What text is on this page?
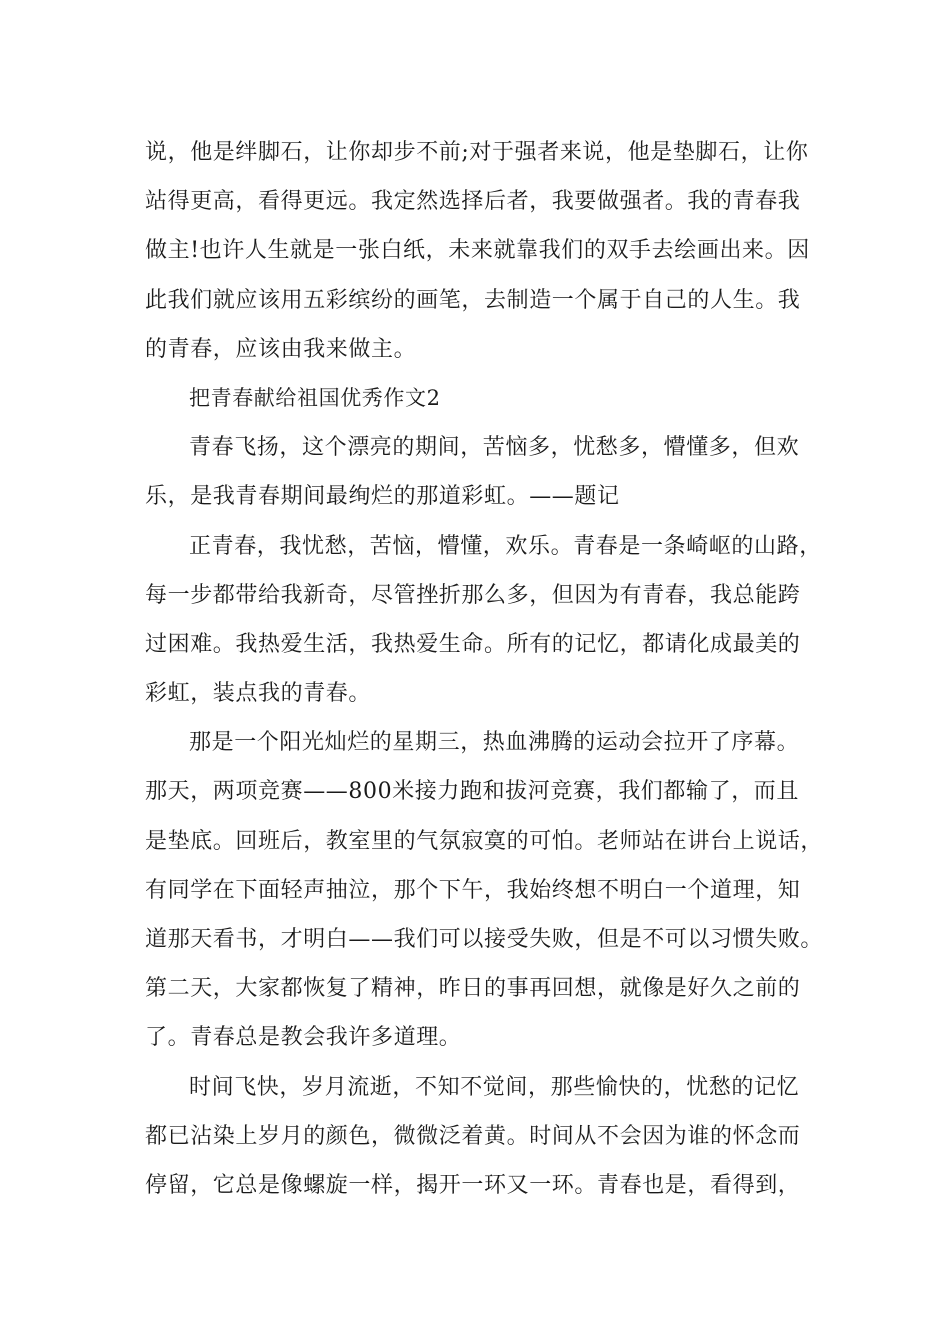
说，他是绊脚石，让你却步不前;对于强者来说，他是垫脚石，让你
站得更高，看得更远。我定然选择后者，我要做强者。我的青春我
做主!也许人生就是一张白纸，未来就靠我们的双手去绘画出来。因
此我们就应该用五彩缤纷的画笔，去制造一个属于自己的人生。我
的青春，应该由我来做主。
把青春献给祖国优秀作文2
青春飞扬，这个漂亮的期间，苦恼多，忧愁多，懵懂多，但欢
乐，是我青春期间最绚烂的那道彩虹。——题记
正青春，我忧愁，苦恼，懵懂，欢乐。青春是一条崎岖的山路，
每一步都带给我新奇，尽管挫折那么多，但因为有青春，我总能跨
过困难。我热爱生活，我热爱生命。所有的记忆，都请化成最美的
彩虹，装点我的青春。
那是一个阳光灿烂的星期三，热血沸腾的运动会拉开了序幕。
那天，两项竞赛——800米接力跑和拔河竞赛，我们都输了，而且
是垫底。回班后，教室里的气氛寂寞的可怕。老师站在讲台上说话，
有同学在下面轻声抽泣，那个下午，我始终想不明白一个道理，知
道那天看书，才明白——我们可以接受失败，但是不可以习惯失败。
第二天，大家都恢复了精神，昨日的事再回想，就像是好久之前的
了。青春总是教会我许多道理。
时间飞快，岁月流逝，不知不觉间，那些愉快的，忧愁的记忆
都已沾染上岁月的颜色，微微泛着黄。时间从不会因为谁的怀念而
停留，它总是像螺旋一样，揭开一环又一环。青春也是，看得到，
